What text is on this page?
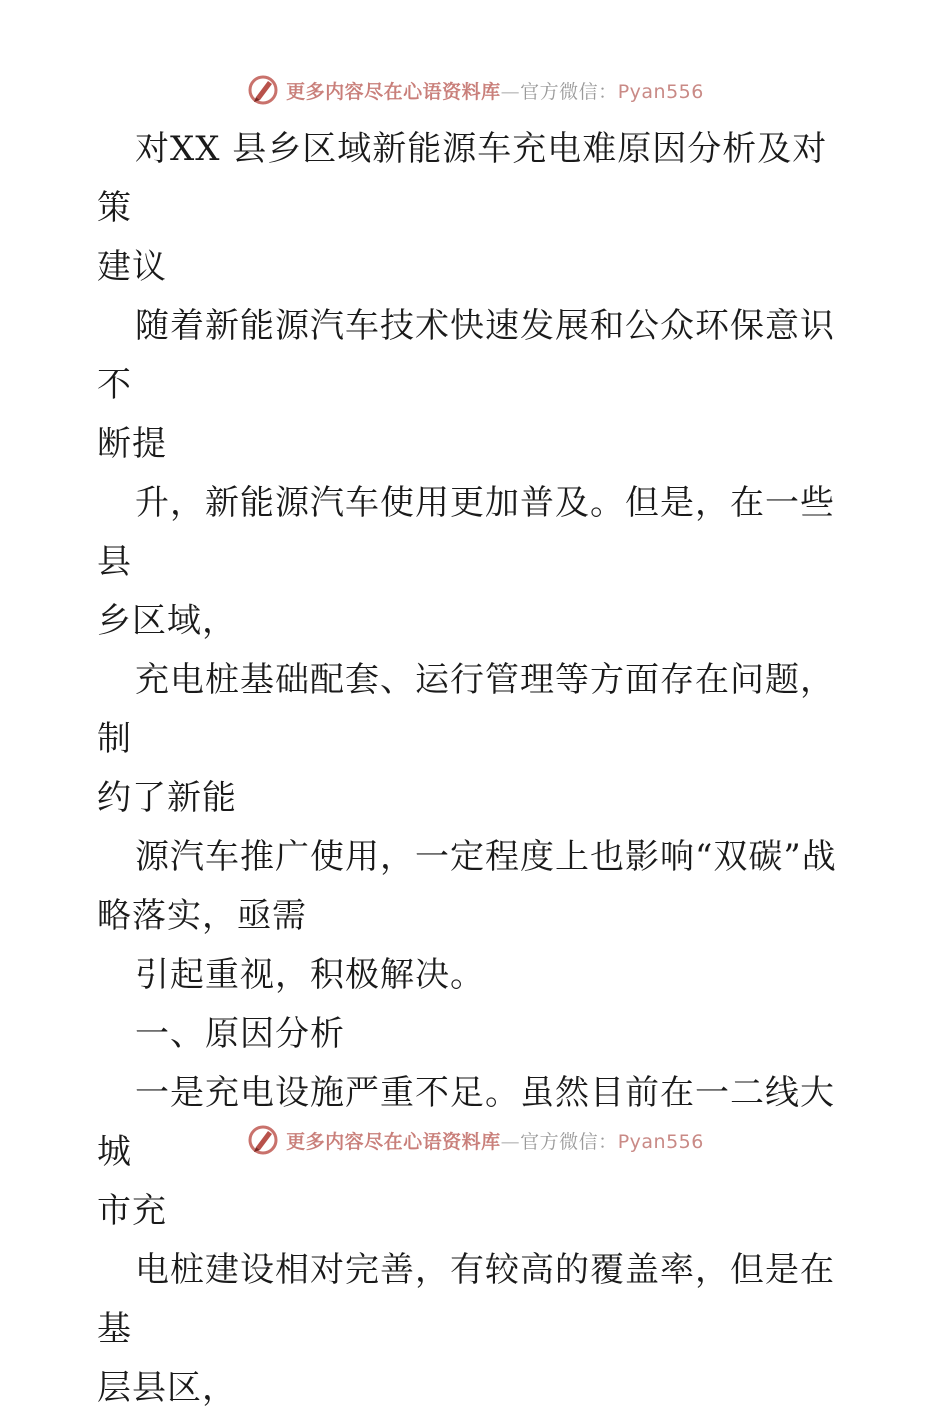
更多内容尽在心语资料库—官方微信：Pyan556

对XX 县乡区域新能源车充电难原因分析及对策
建议

随着新能源汽车技术快速发展和公众环保意识不
断提

升，新能源汽车使用更加普及。但是，在一些县
乡区域，

充电桩基础配套、运行管理等方面存在问题，制
约了新能

源汽车推广使用，一定程度上也影响“双碳”战
略落实，亟需

引起重视，积极解决。

一、原因分析

一是充电设施严重不足。虽然目前在一二线大城
市充

电桩建设相对完善，有较高的覆盖率，但是在基
层县区，

更多内容尽在心语资料库—官方微信：Pyan556
